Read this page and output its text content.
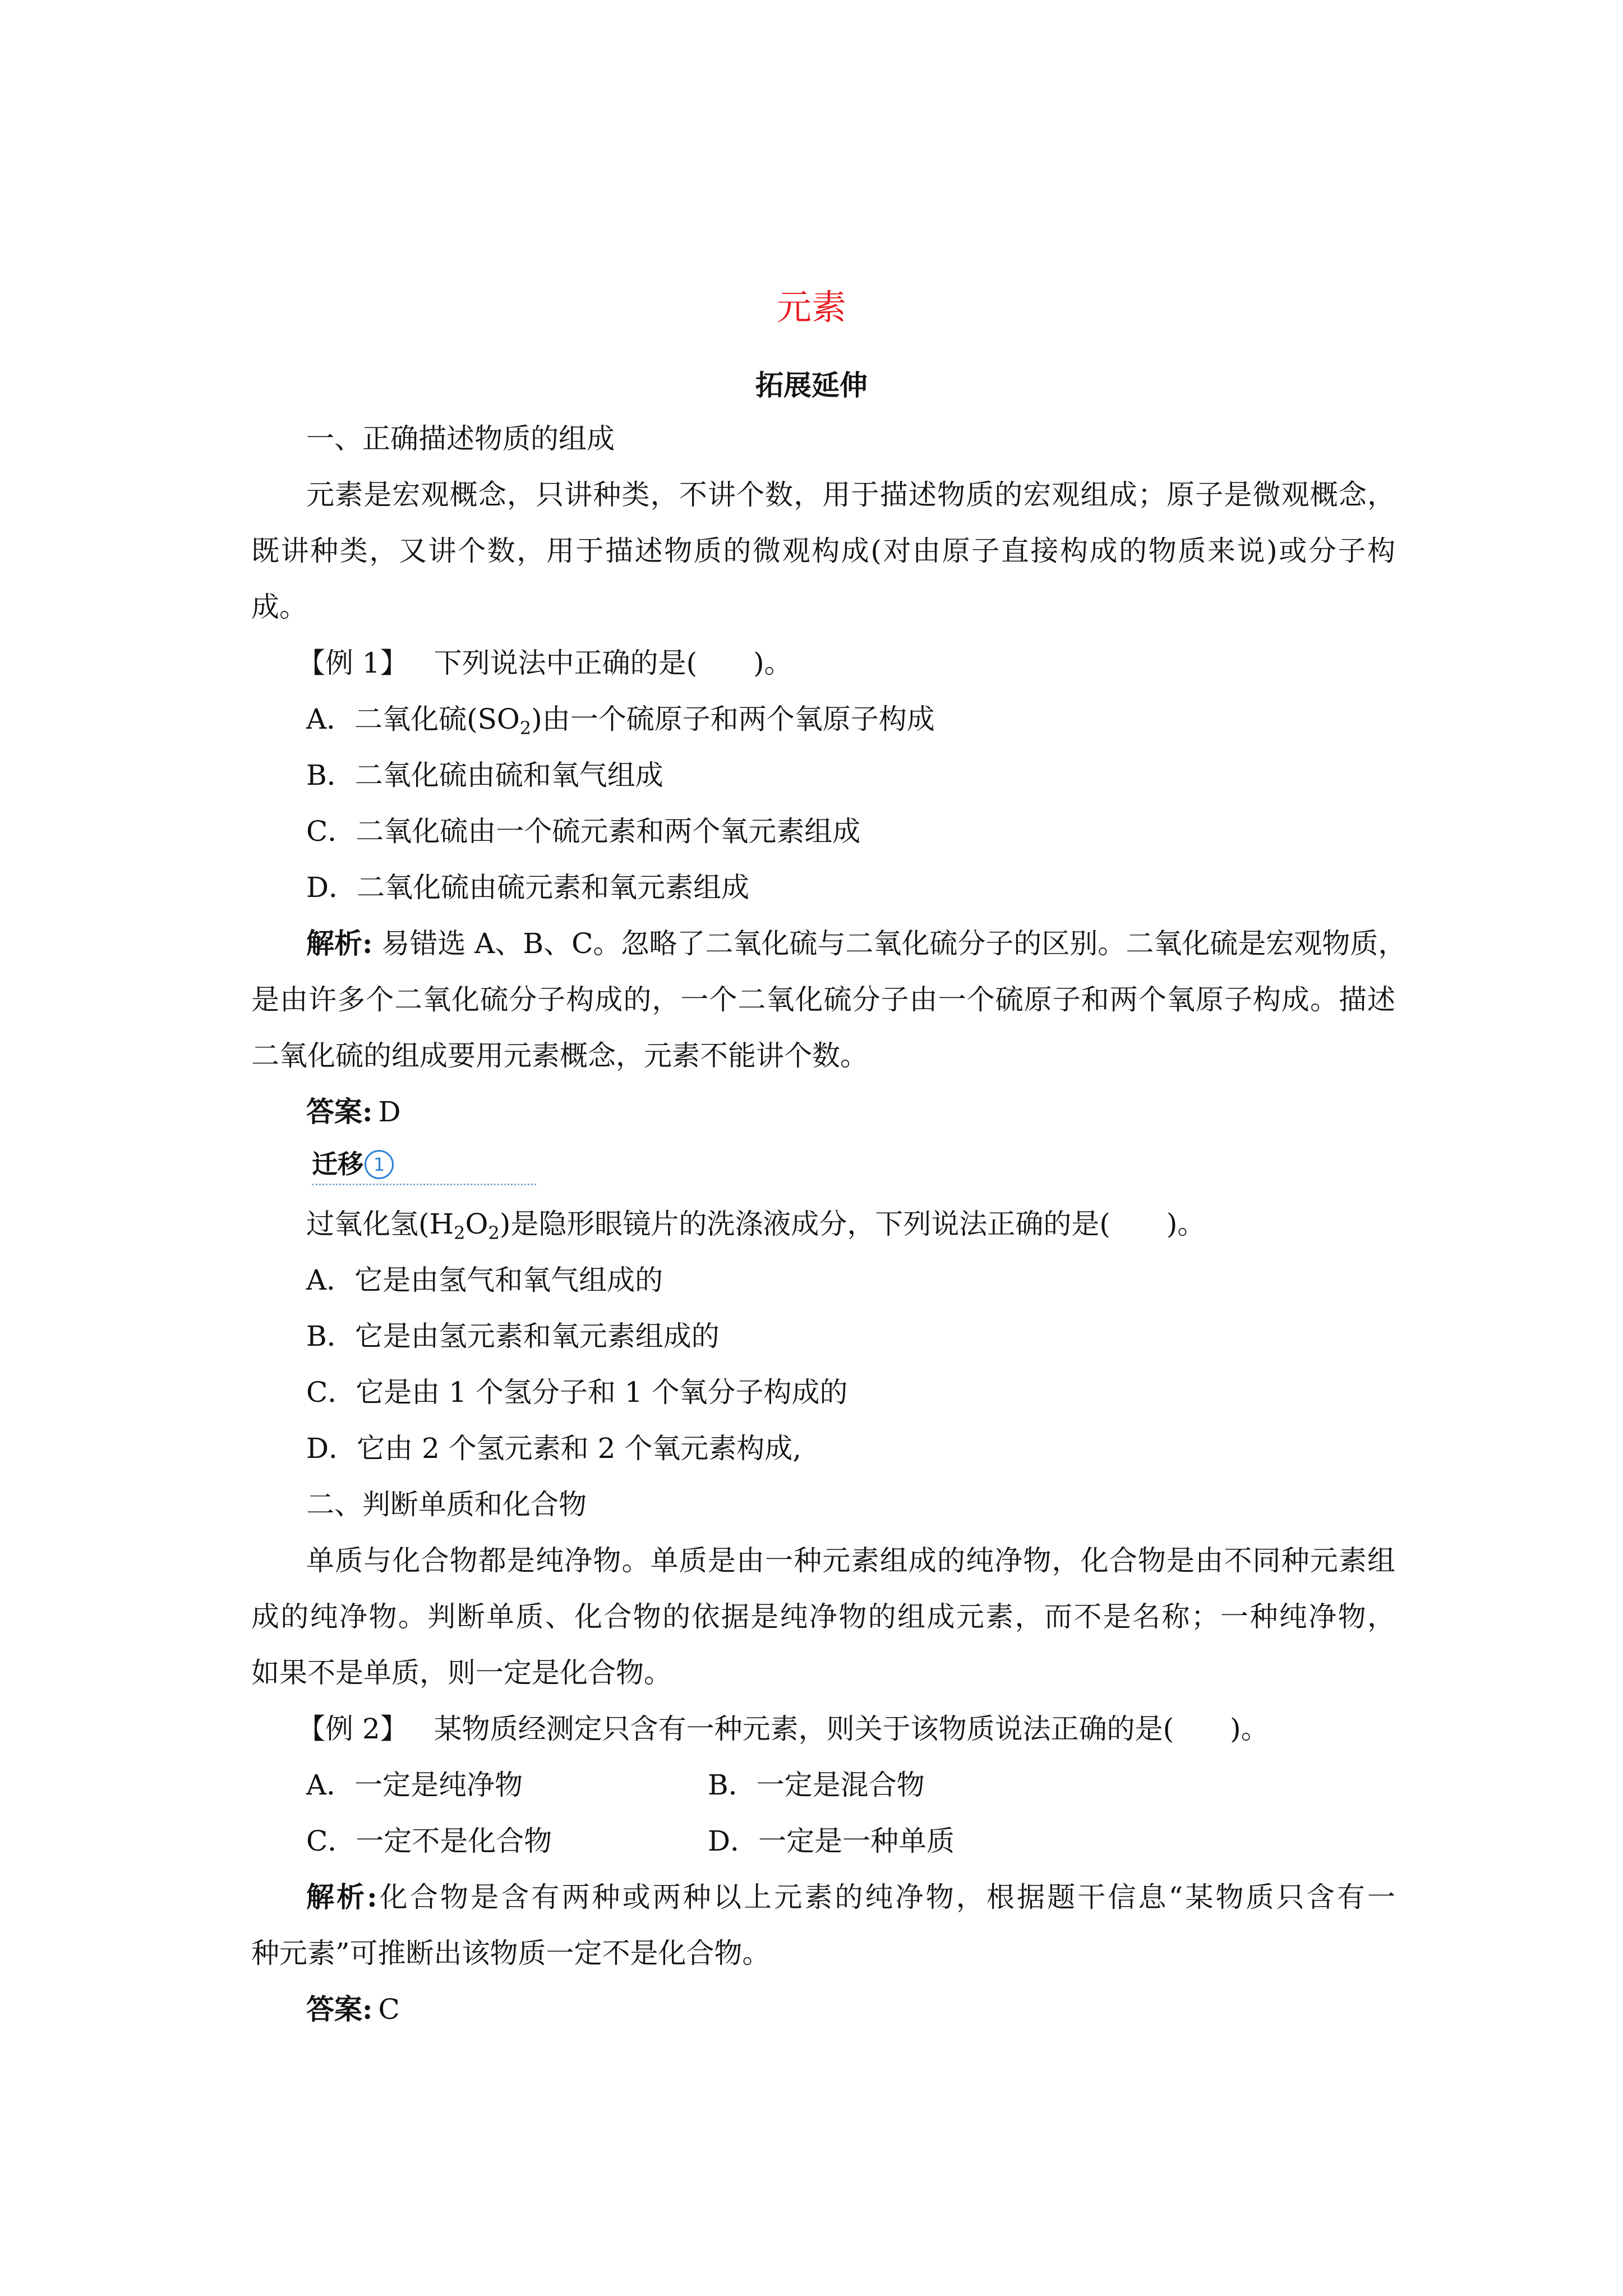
元素
拓展延伸
一、正确描述物质的组成
元素是宏观概念，只讲种类，不讲个数，用于描述物质的宏观组成；原子是微观概念，
既讲种类，又讲个数，用于描述物质的微观构成(对由原子直接构成的物质来说)或分子构
成。
【例 1】 下列说法中正确的是(　　)。
A．二氧化硫$(SO_2)$由一个硫原子和两个氧原子构成
B．二氧化硫由硫和氧气组成
C．二氧化硫由一个硫元素和两个氧元素组成
D．二氧化硫由硫元素和氧元素组成
解析: 易错选 A、B、C。忽略了二氧化硫与二氧化硫分子的区别。二氧化硫是宏观物质，
是由许多个二氧化硫分子构成的，一个二氧化硫分子由一个硫原子和两个氧原子构成。描述
二氧化硫的组成要用元素概念，元素不能讲个数。
答案: D
迁移 1
过氧化氢$(H_2O_2)$是隐形眼镜片的洗涤液成分，下列说法正确的是(　　)。
A．它是由氢气和氧气组成的
B．它是由氢元素和氧元素组成的
C．它是由 1 个氢分子和 1 个氧分子构成的
D．它由 2 个氢元素和 2 个氧元素构成,
二、判断单质和化合物
单质与化合物都是纯净物。单质是由一种元素组成的纯净物，化合物是由不同种元素组
成的纯净物。判断单质、化合物的依据是纯净物的组成元素，而不是名称；一种纯净物，
如果不是单质，则一定是化合物。
【例 2】 某物质经测定只含有一种元素，则关于该物质说法正确的是(　　)。
A．一定是纯净物	B．一定是混合物
C．一定不是化合物	D．一定是一种单质
解析:化合物是含有两种或两种以上元素的纯净物，根据题干信息“某物质只含有一
种元素”可推断出该物质一定不是化合物。
答案: C
